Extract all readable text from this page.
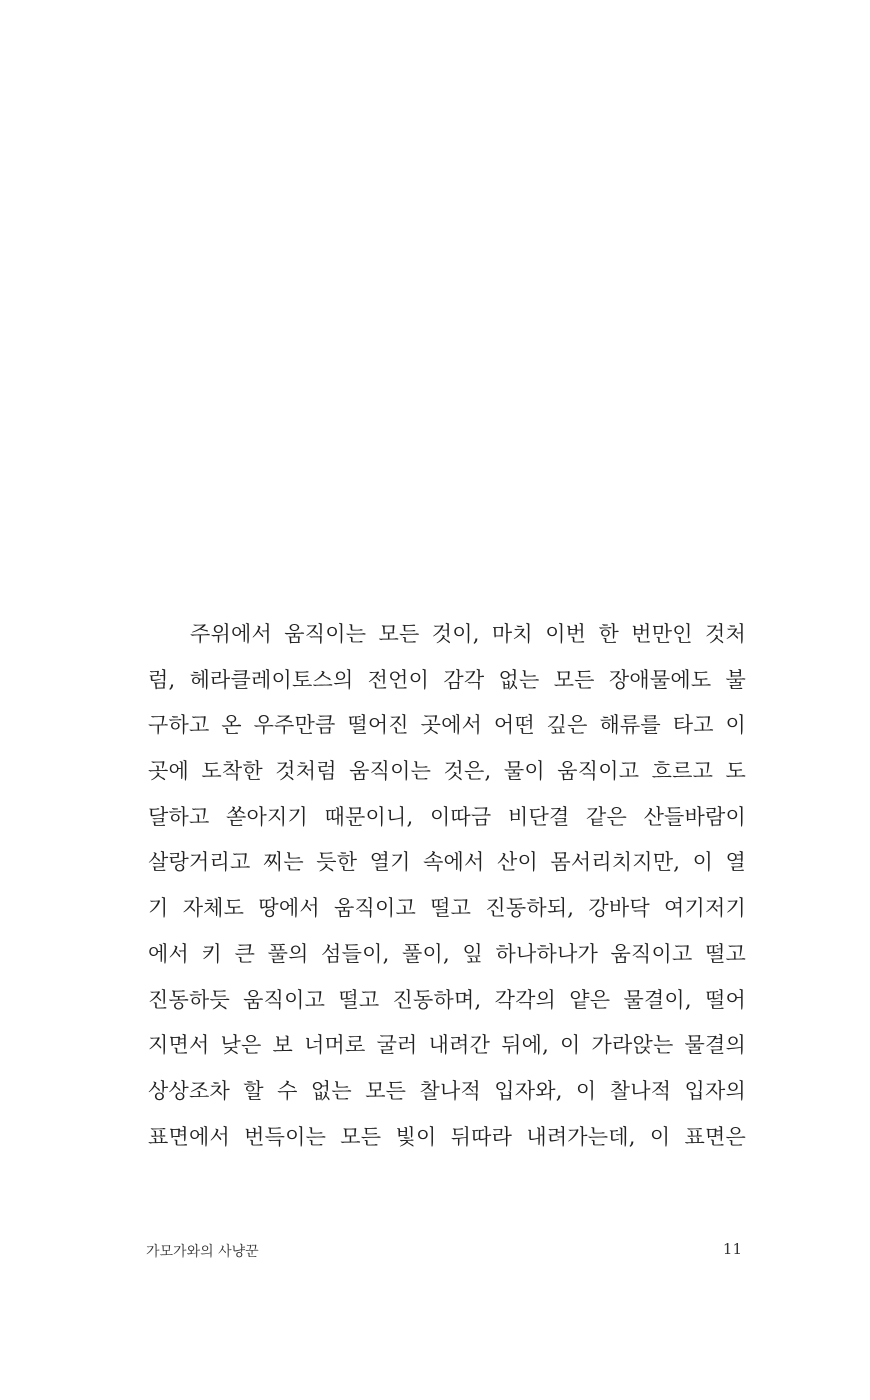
주위에서 움직이는 모든 것이, 마치 이번 한 번만인 것처
럼, 헤라클레이토스의 전언이 감각 없는 모든 장애물에도 불
구하고 온 우주만큼 떨어진 곳에서 어떤 깊은 해류를 타고 이
곳에 도착한 것처럼 움직이는 것은, 물이 움직이고 흐르고 도
달하고 쏟아지기 때문이니, 이따금 비단결 같은 산들바람이
살랑거리고 찌는 듯한 열기 속에서 산이 몸서리치지만, 이 열
기 자체도 땅에서 움직이고 떨고 진동하되, 강바닥 여기저기
에서 키 큰 풀의 섬들이, 풀이, 잎 하나하나가 움직이고 떨고
진동하듯 움직이고 떨고 진동하며, 각각의 얕은 물결이, 떨어
지면서 낮은 보 너머로 굴러 내려간 뒤에, 이 가라앉는 물결의
상상조차 할 수 없는 모든 찰나적 입자와, 이 찰나적 입자의
표면에서 번득이는 모든 빛이 뒤따라 내려가는데, 이 표면은
가모가와의 사냥꾼	11
